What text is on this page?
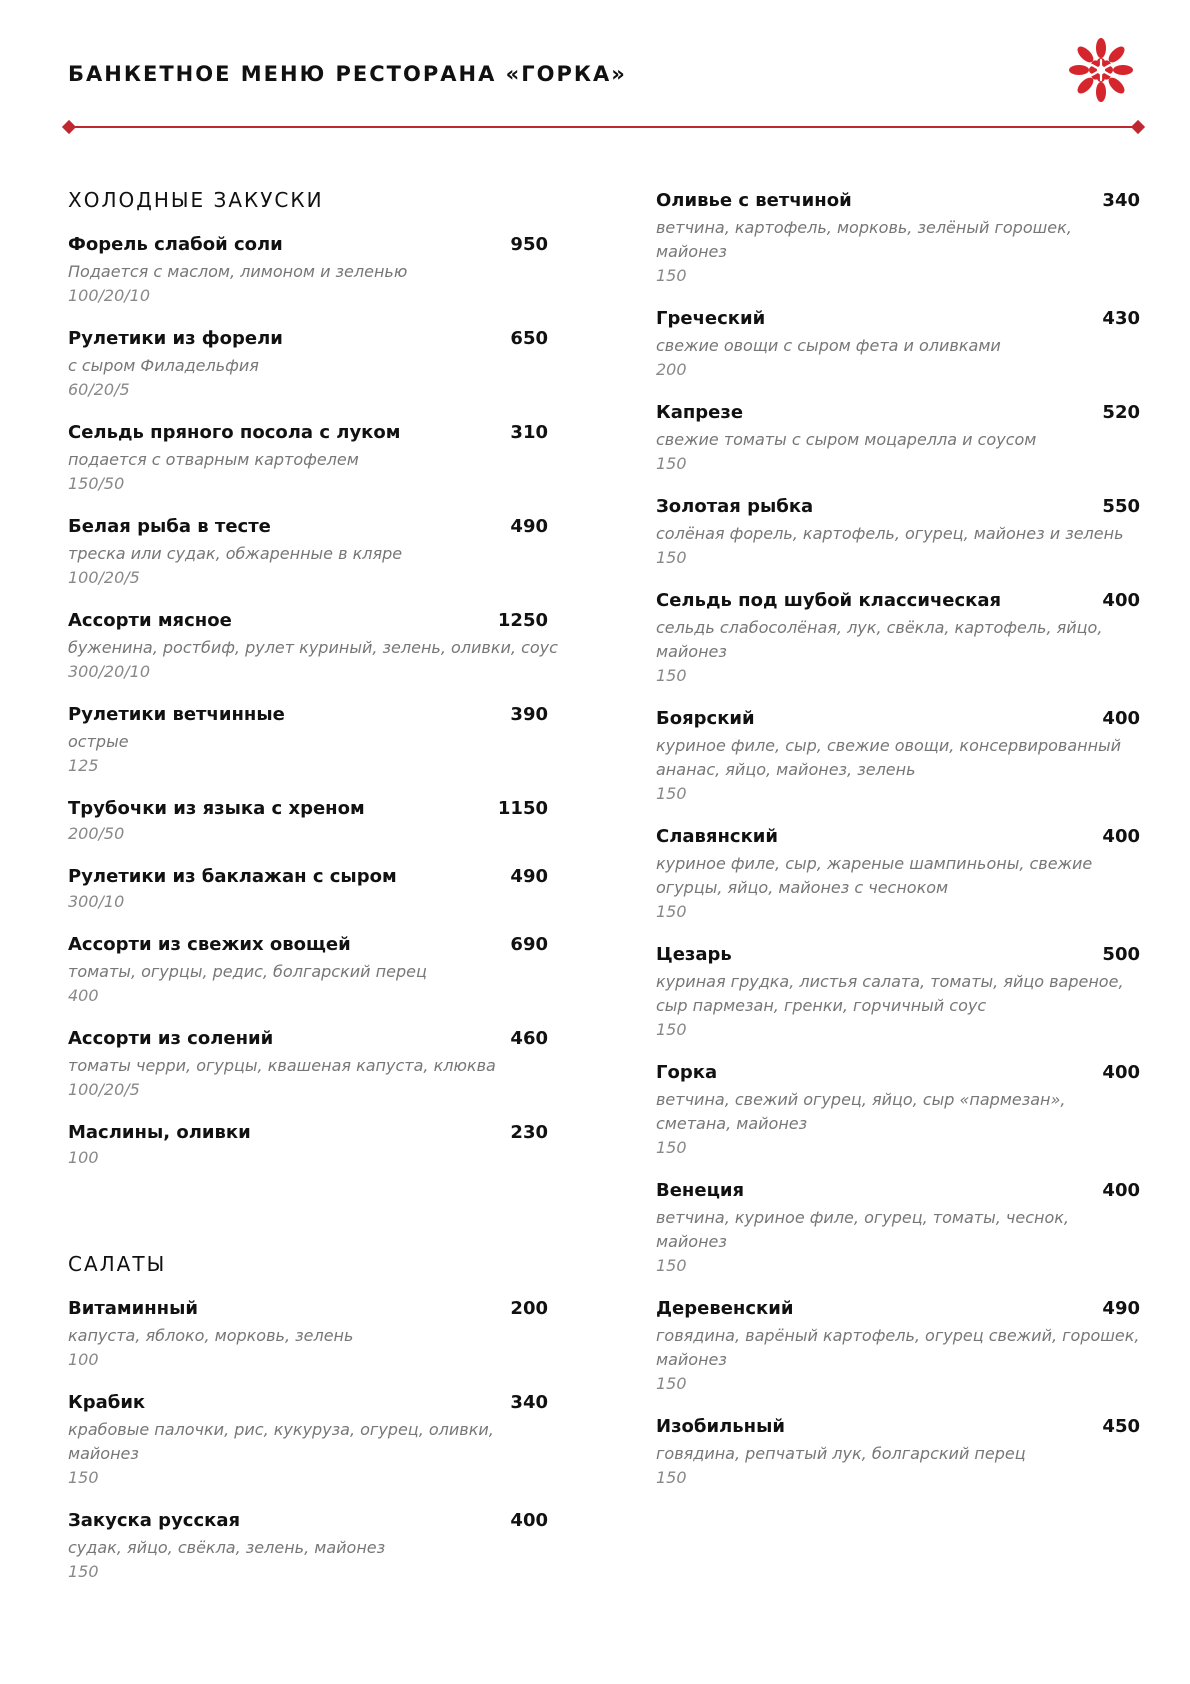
БАНКЕТНОЕ МЕНЮ РЕСТОРАНА «ГОРКА»
ХОЛОДНЫЕ ЗАКУСКИ
Форель слабой соли	950
Подается с маслом, лимоном и зеленью
100/20/10
Рулетики из форели	650
с сыром Филадельфия
60/20/5
Сельдь пряного посола с луком	310
подается с отварным картофелем
150/50
Белая рыба в тесте	490
треска или судак, обжаренные в кляре
100/20/5
Ассорти мясное	1250
буженина, ростбиф, рулет куриный, зелень, оливки, соус
300/20/10
Рулетики ветчинные	390
острые
125
Трубочки из языка с хреном	1150
200/50
Рулетики из баклажан с сыром	490
300/10
Ассорти из свежих овощей	690
томаты, огурцы, редис, болгарский перец
400
Ассорти из солений	460
томаты черри, огурцы, квашеная капуста, клюква
100/20/5
Маслины, оливки	230
100
САЛАТЫ
Витаминный	200
капуста, яблоко, морковь, зелень
100
Крабик	340
крабовые палочки, рис, кукуруза, огурец, оливки, майонез
150
Закуска русская	400
судак, яйцо, свёкла, зелень, майонез
150
Оливье с ветчиной	340
ветчина, картофель, морковь, зелёный горошек, майонез
150
Греческий	430
свежие овощи с сыром фета и оливками
200
Капрезе	520
свежие томаты с сыром моцарелла и соусом
150
Золотая рыбка	550
солёная форель, картофель, огурец, майонез и зелень
150
Сельдь под шубой классическая	400
сельдь слабосолёная, лук, свёкла, картофель, яйцо, майонез
150
Боярский	400
куриное филе, сыр, свежие овощи, консервированный ананас, яйцо, майонез, зелень
150
Славянский	400
куриное филе, сыр, жареные шампиньоны, свежие огурцы, яйцо, майонез с чесноком
150
Цезарь	500
куриная грудка, листья салата, томаты, яйцо вареное, сыр пармезан, гренки, горчичный соус
150
Горка	400
ветчина, свежий огурец, яйцо, сыр «пармезан», сметана, майонез
150
Венеция	400
ветчина, куриное филе, огурец, томаты, чеснок, майонез
150
Деревенский	490
говядина, варёный картофель, огурец свежий, горошек, майонез
150
Изобильный	450
говядина, репчатый лук, болгарский перец
150
